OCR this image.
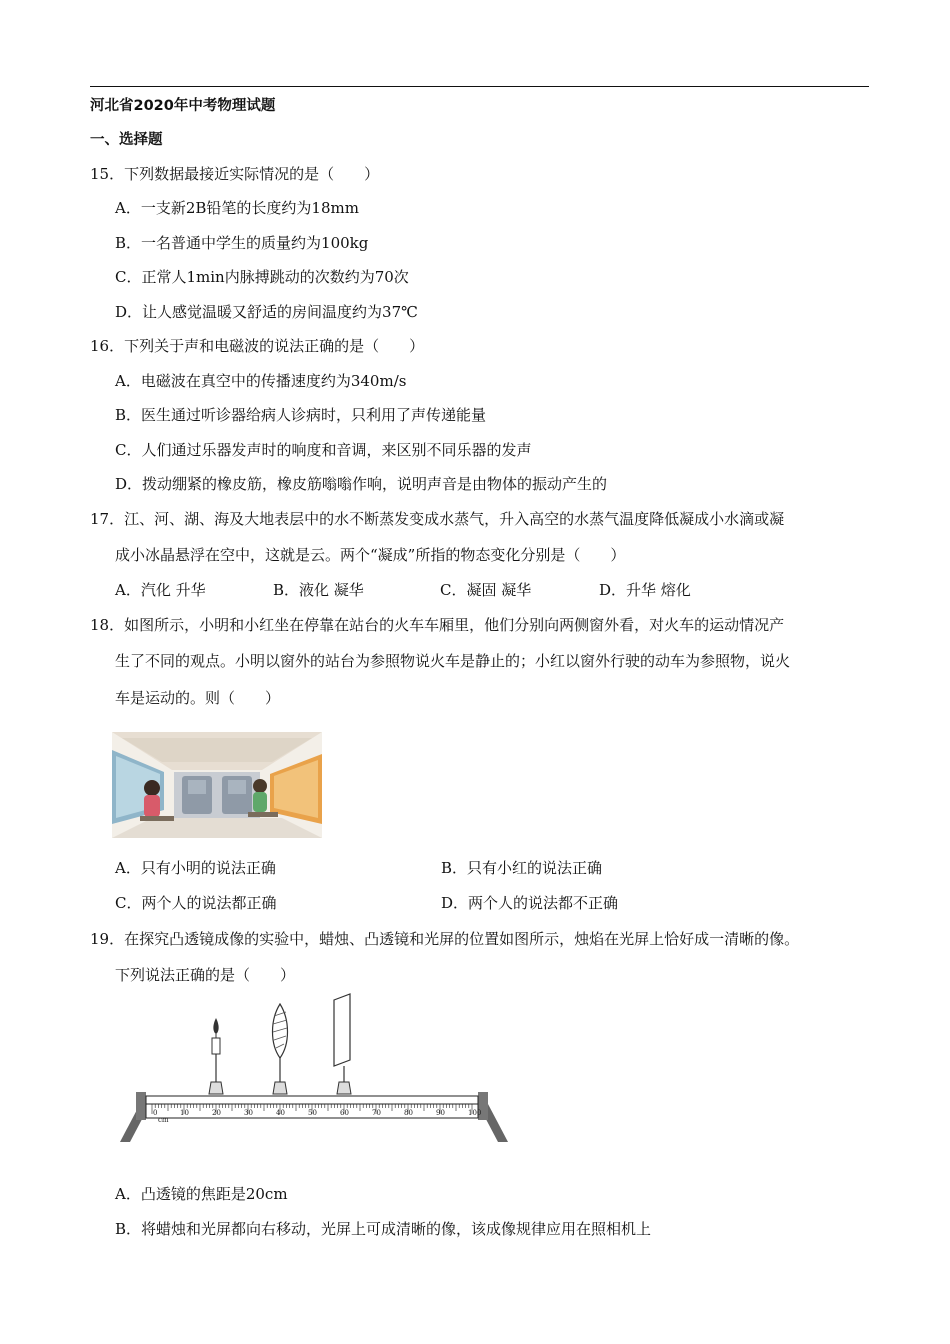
河北省2020年中考物理试题
一、选择题
15．下列数据最接近实际情况的是（　　）
A．一支新2B铅笔的长度约为18mm
B．一名普通中学生的质量约为100kg
C．正常人1min内脉搏跳动的次数约为70次
D．让人感觉温暖又舒适的房间温度约为37℃
16．下列关于声和电磁波的说法正确的是（　　）
A．电磁波在真空中的传播速度约为340m/s
B．医生通过听诊器给病人诊病时，只利用了声传递能量
C．人们通过乐器发声时的响度和音调，来区别不同乐器的发声
D．拨动绷紧的橡皮筋，橡皮筋嗡嗡作响，说明声音是由物体的振动产生的
17．江、河、湖、海及大地表层中的水不断蒸发变成水蒸气，升入高空的水蒸气温度降低凝成小水滴或凝
成小冰晶悬浮在空中，这就是云。两个“凝成”所指的物态变化分别是（　　）
A．汽化 升华	B．液化 凝华	C．凝固 凝华	D．升华 熔化
18．如图所示，小明和小红坐在停靠在站台的火车车厢里，他们分别向两侧窗外看，对火车的运动情况产
生了不同的观点。小明以窗外的站台为参照物说火车是静止的；小红以窗外行驶的动车为参照物，说火
车是运动的。则（　　）
A．只有小明的说法正确	B．只有小红的说法正确
C．两个人的说法都正确	D．两个人的说法都不正确
19．在探究凸透镜成像的实验中，蜡烛、凸透镜和光屏的位置如图所示，烛焰在光屏上恰好成一清晰的像。
下列说法正确的是（　　）
0	10	20	30	40	50	60	70	80	90	100
cm
A．凸透镜的焦距是20cm
B．将蜡烛和光屏都向右移动，光屏上可成清晰的像，该成像规律应用在照相机上
